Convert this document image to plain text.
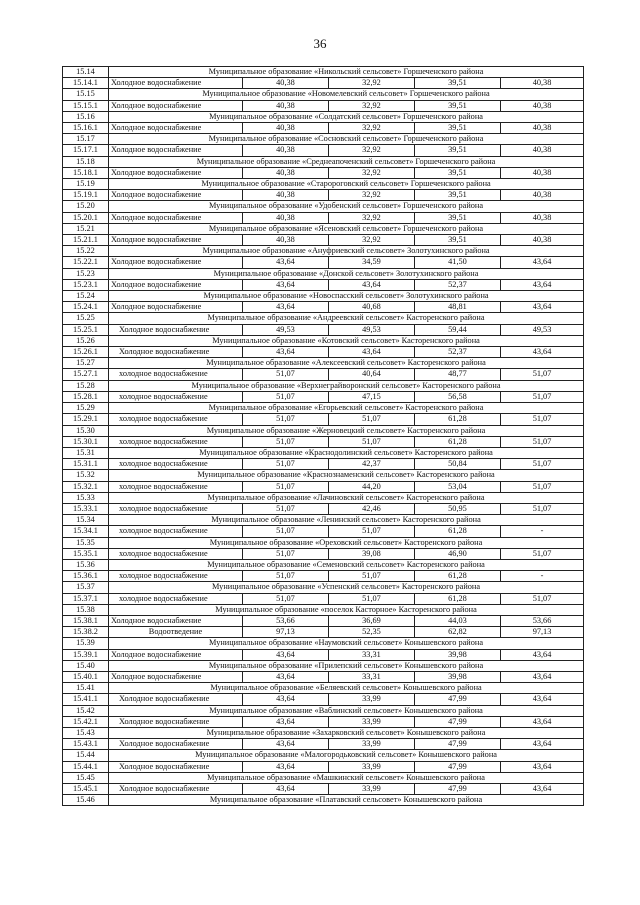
36
15.14	Муниципальное образование «Никольский сельсовет» Горшеченского района				
15.14.1	Холодное водоснабжение	40,38	32,92	39,51	40,38
15.15	Муниципальное образование «Новомелевский сельсовет» Горшеченского района				
15.15.1	Холодное водоснабжение	40,38	32,92	39,51	40,38
15.16	Муниципальное образование «Солдатский сельсовет» Горшеченского района				
15.16.1	Холодное водоснабжение	40,38	32,92	39,51	40,38
15.17	Муниципальное образование «Сосновский сельсовет» Горшеченского района				
15.17.1	Холодное водоснабжение	40,38	32,92	39,51	40,38
15.18	Муниципальное образование «Среднеапоченский сельсовет» Горшеченского района				
15.18.1	Холодное водоснабжение	40,38	32,92	39,51	40,38
15.19	Муниципальное образование «Старороговский сельсовет» Горшеченского района				
15.19.1	Холодное водоснабжение	40,38	32,92	39,51	40,38
15.20	Муниципальное образование «Удобенский сельсовет» Горшеченского района				
15.20.1	Холодное водоснабжение	40,38	32,92	39,51	40,38
15.21	Муниципальное образование «Ясеновский сельсовет» Горшеченского района				
15.21.1	Холодное водоснабжение	40,38	32,92	39,51	40,38
15.22	Муниципальное образование «Ануфриевский сельсовет» Золотухинского района				
15.22.1	Холодное водоснабжение	43,64	34,59	41,50	43,64
15.23	Муниципальное образование «Донской сельсовет» Золотухинского района				
15.23.1	Холодное водоснабжение	43,64	43,64	52,37	43,64
15.24	Муниципальное образование «Новоспасский сельсовет» Золотухинского района				
15.24.1	Холодное водоснабжение	43,64	40,68	48,81	43,64
15.25	Муниципальное образование «Андреевский сельсовет» Касторенского района				
15.25.1	Холодное водоснабжение	49,53	49,53	59,44	49,53
15.26	Муниципальное образование «Котовский сельсовет» Касторенского района				
15.26.1	Холодное водоснабжение	43,64	43,64	52,37	43,64
15.27	Муниципальное образование «Алексеевский сельсовет» Касторенского района				
15.27.1	холодное водоснабжение	51,07	40,64	48,77	51,07
15.28	Муниципальное образование «Верхнеграйворонский сельсовет» Касторенского района				
15.28.1	холодное водоснабжение	51,07	47,15	56,58	51,07
15.29	Муниципальное образование «Егорьевский сельсовет» Касторенского района				
15.29.1	холодное водоснабжение	51,07	51,07	61,28	51,07
15.30	Муниципальное образование «Жерновецкий сельсовет» Касторенского района				
15.30.1	холодное водоснабжение	51,07	51,07	61,28	51,07
15.31	Муниципальное образование «Краснодолинский сельсовет» Касторенского района				
15.31.1	холодное водоснабжение	51,07	42,37	50,84	51,07
15.32	Муниципальное образование «Краснознаменский сельсовет» Касторенского района				
15.32.1	холодное водоснабжение	51,07	44,20	53,04	51,07
15.33	Муниципальное образование «Лачиновский сельсовет» Касторенского района				
15.33.1	холодное водоснабжение	51,07	42,46	50,95	51,07
15.34	Муниципальное образование «Ленинский сельсовет» Касторенского района				
15.34.1	холодное водоснабжение	51,07	51,07	61,28	-
15.35	Муниципальное образование «Ореховский сельсовет» Касторенского района				
15.35.1	холодное водоснабжение	51,07	39,08	46,90	51,07
15.36	Муниципальное образование «Семеновский сельсовет» Касторенского района				
15.36.1	холодное водоснабжение	51,07	51,07	61,28	-
15.37	Муниципальное образование «Успенский сельсовет» Касторенского района				
15.37.1	холодное водоснабжение	51,07	51,07	61,28	51,07
15.38	Муниципальное образование «поселок Касторное» Касторенского района				
15.38.1	Холодное водоснабжение	53,66	36,69	44,03	53,66
15.38.2	Водоотведение	97,13	52,35	62,82	97,13
15.39	Муниципальное образование «Наумовский сельсовет» Конышевского района				
15.39.1	Холодное водоснабжение	43,64	33,31	39,98	43,64
15.40	Муниципальное образование «Прилепский сельсовет» Конышевского района				
15.40.1	Холодное водоснабжение	43,64	33,31	39,98	43,64
15.41	Муниципальное образование «Беляевский сельсовет» Конышевского района				
15.41.1	Холодное водоснабжение	43,64	33,99	47,99	43,64
15.42	Муниципальное образование «Ваблинский сельсовет» Конышевского района				
15.42.1	Холодное водоснабжение	43,64	33,99	47,99	43,64
15.43	Муниципальное образование «Захарковский сельсовет» Конышевского района				
15.43.1	Холодное водоснабжение	43,64	33,99	47,99	43,64
15.44	Муниципальное образование «Малогородьковский сельсовет» Конышевского района				
15.44.1	Холодное водоснабжение	43,64	33,99	47,99	43,64
15.45	Муниципальное образование «Машкинский сельсовет» Конышевского района				
15.45.1	Холодное водоснабжение	43,64	33,99	47,99	43,64
15.46	Муниципальное образование «Платавский сельсовет» Конышевского района				
